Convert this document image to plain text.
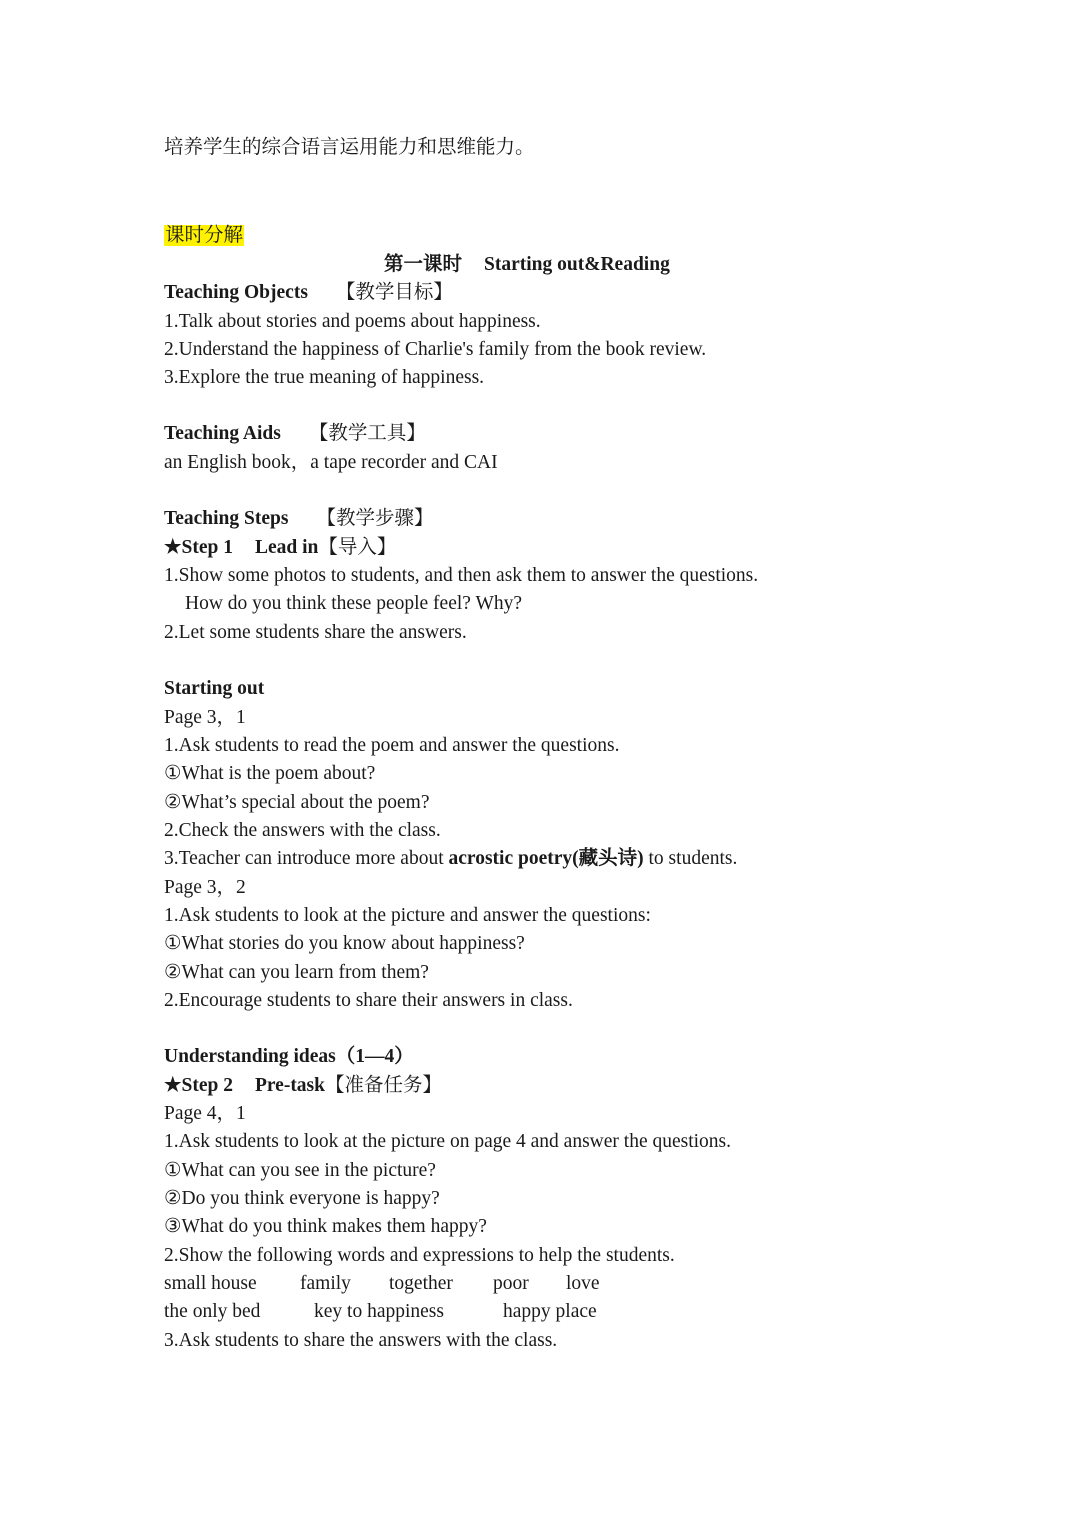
培养学生的综合语言运用能力和思维能力。
课时分解
第一课时 Starting out&Reading
Teaching Objects 【教学目标】
1.Talk about stories and poems about happiness.
2.Understand the happiness of Charlie's family from the book review.
3.Explore the true meaning of happiness.
Teaching Aids 【教学工具】
an English book，a tape recorder and CAI
Teaching Steps 【教学步骤】
★Step 1 Lead in【导入】
1.Show some photos to students, and then ask them to answer the questions.
How do you think these people feel? Why?
2.Let some students share the answers.
Starting out
Page 3，1
1.Ask students to read the poem and answer the questions.
①What is the poem about?
②What’s special about the poem?
2.Check the answers with the class.
3.Teacher can introduce more about acrostic poetry(藏头诗) to students.
Page 3，2
1.Ask students to look at the picture and answer the questions:
①What stories do you know about happiness?
②What can you learn from them?
2.Encourage students to share their answers in class.
Understanding ideas（1—4）
★Step 2 Pre-task【准备任务】
Page 4，1
1.Ask students to look at the picture on page 4 and answer the questions.
①What can you see in the picture?
②Do you think everyone is happy?
③What do you think makes them happy?
2.Show the following words and expressions to help the students.
small house family together poor love
the only bed	key to happiness	happy place
3.Ask students to share the answers with the class.
